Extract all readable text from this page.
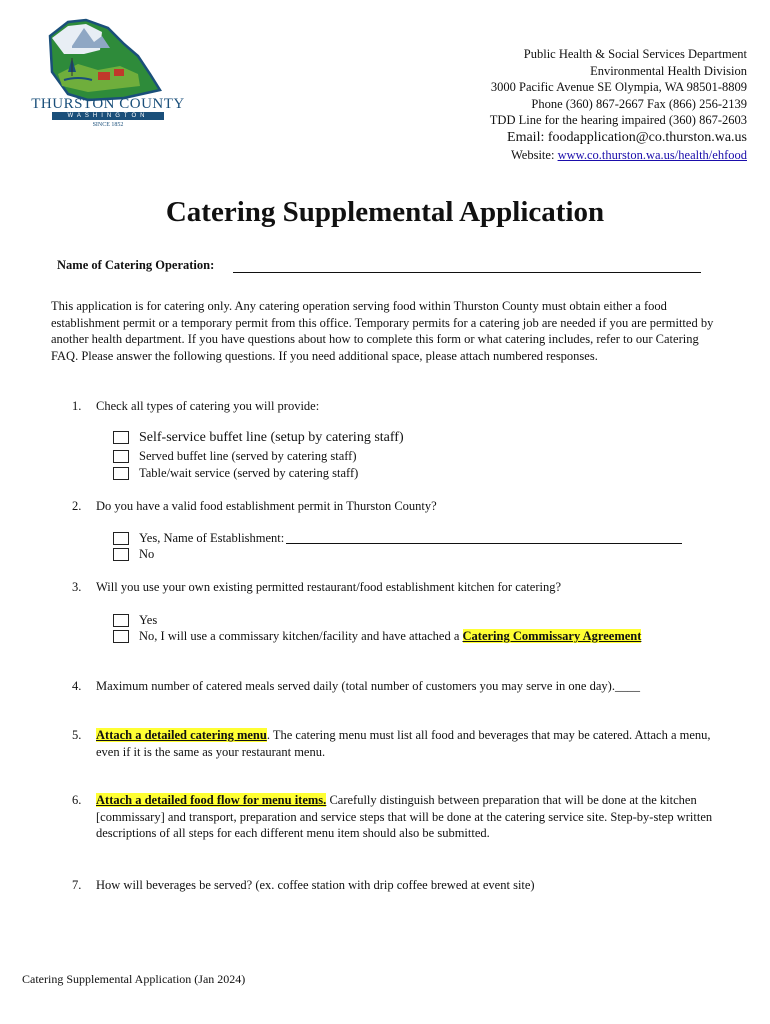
THURSTON COUNTY
WASHINGTON
SINCE 1852
Public Health & Social Services Department
Environmental Health Division
3000 Pacific Avenue SE Olympia, WA 98501-8809
Phone (360) 867-2667 Fax (866) 256-2139
TDD Line for the hearing impaired (360) 867-2603
Email: foodapplication@co.thurston.wa.us
Website: www.co.thurston.wa.us/health/ehfood
Catering Supplemental Application
Name of Catering Operation:
This application is for catering only. Any catering operation serving food within Thurston County must obtain either a food establishment permit or a temporary permit from this office. Temporary permits for a catering job are needed if you are permitted by another health department. If you have questions about how to complete this form or what catering includes, refer to our Catering FAQ. Please answer the following questions. If you need additional space, please attach numbered responses.
1. Check all types of catering you will provide:
Self-service buffet line (setup by catering staff)
Served buffet line (served by catering staff)
Table/wait service (served by catering staff)
2. Do you have a valid food establishment permit in Thurston County?
Yes, Name of Establishment:
No
3. Will you use your own existing permitted restaurant/food establishment kitchen for catering?
Yes
No, I will use a commissary kitchen/facility and have attached a Catering Commissary Agreement
4. Maximum number of catered meals served daily (total number of customers you may serve in one day).____
5. Attach a detailed catering menu. The catering menu must list all food and beverages that may be catered. Attach a menu, even if it is the same as your restaurant menu.
6. Attach a detailed food flow for menu items. Carefully distinguish between preparation that will be done at the kitchen [commissary] and transport, preparation and service steps that will be done at the catering service site. Step-by-step written descriptions of all steps for each different menu item should also be submitted.
7. How will beverages be served? (ex. coffee station with drip coffee brewed at event site)
Catering Supplemental Application (Jan 2024)
